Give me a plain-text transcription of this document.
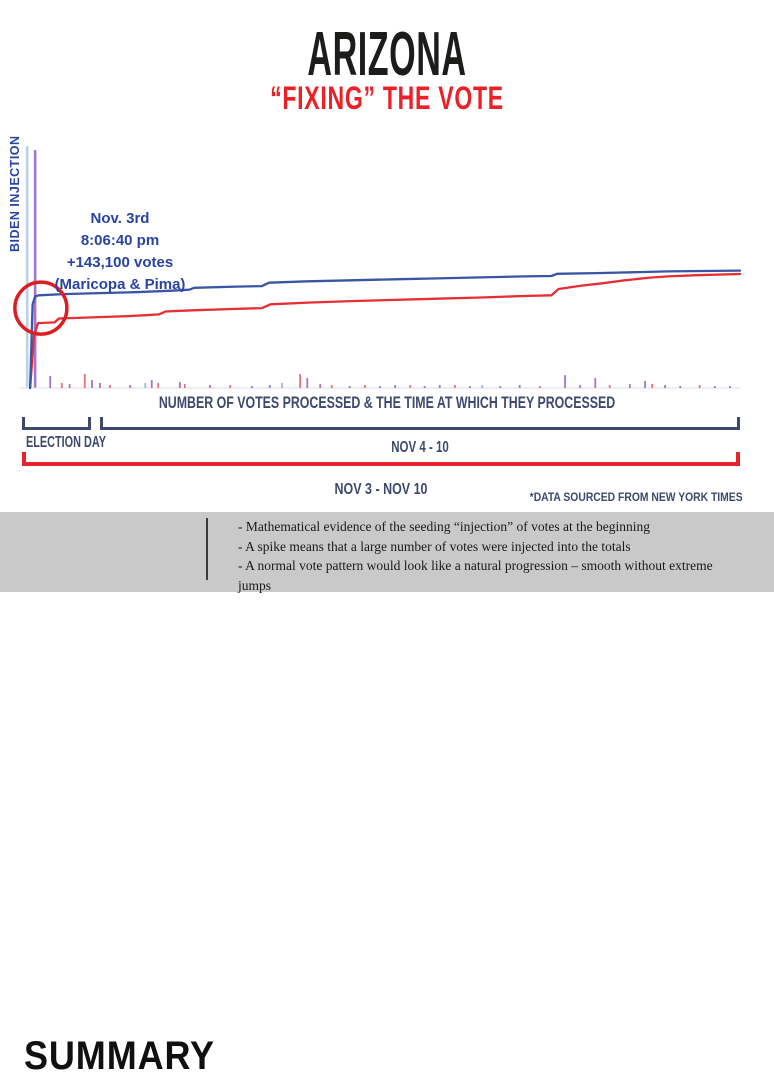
ARIZONA
“FIXING” THE VOTE
BIDEN INJECTION	Nov. 3rd
8:06:40 pm
+143,100 votes
(Maricopa & Pima)
NUMBER OF VOTES PROCESSED & THE TIME AT WHICH THEY PROCESSED
ELECTION DAY	NOV 4 - 10
NOV 3 - NOV 10	*DATA SOURCED FROM NEW YORK TIMES
SUMMARY
- Mathematical evidence of the seeding “injection” of votes at the beginning
- A spike means that a large number of votes were injected into the totals
- A normal vote pattern would look like a natural progression – smooth without extreme jumps
